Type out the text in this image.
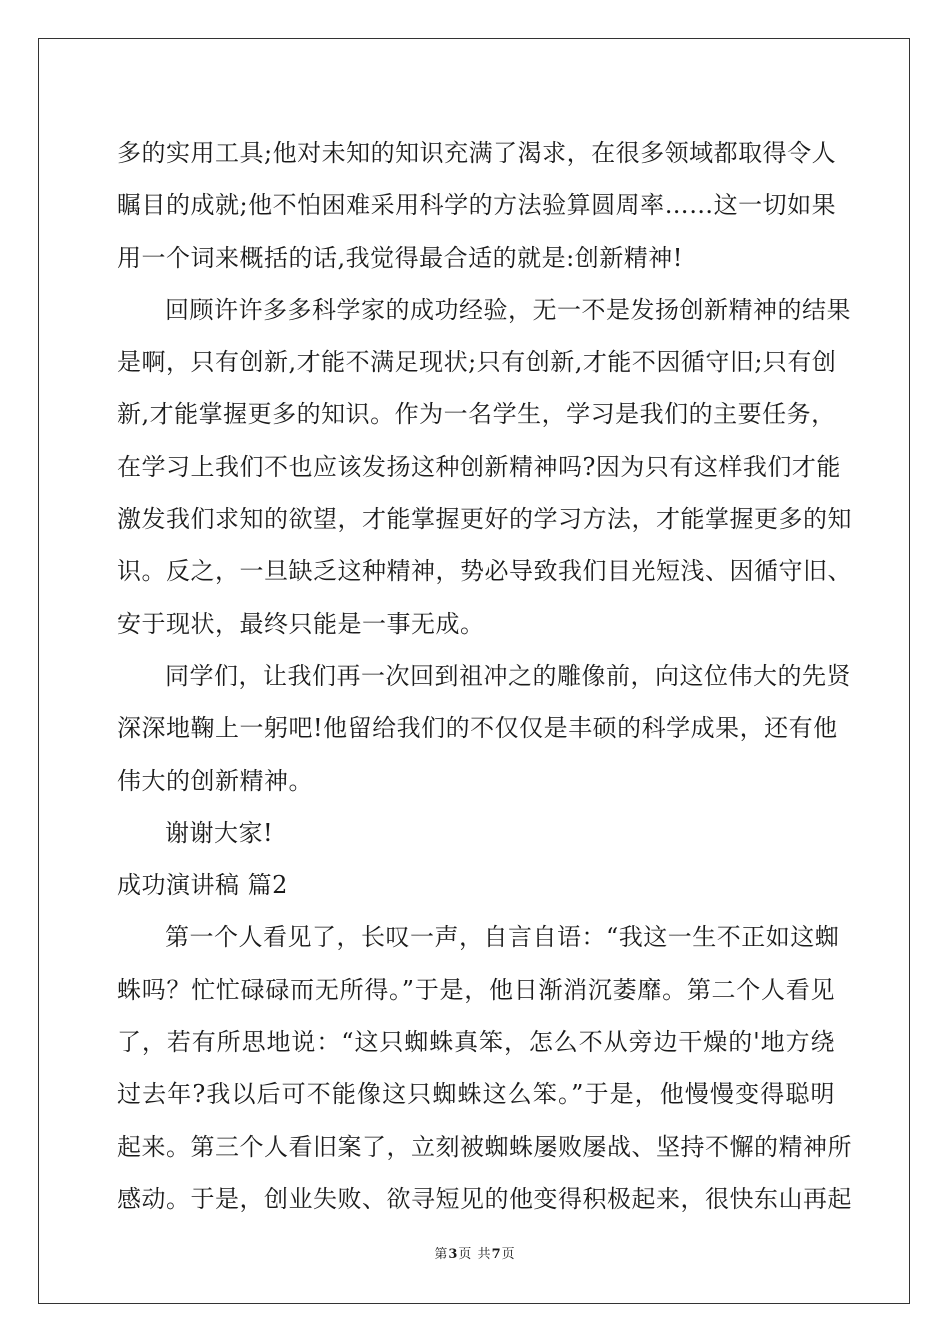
多的实用工具;他对未知的知识充满了渴求，在很多领域都取得令人
瞩目的成就;他不怕困难采用科学的方法验算圆周率……这一切如果
用一个词来概括的话,我觉得最合适的就是:创新精神!
回顾许许多多科学家的成功经验，无一不是发扬创新精神的结果
是啊，只有创新,才能不满足现状;只有创新,才能不因循守旧;只有创
新,才能掌握更多的知识。作为一名学生，学习是我们的主要任务，
在学习上我们不也应该发扬这种创新精神吗?因为只有这样我们才能
激发我们求知的欲望，才能掌握更好的学习方法，才能掌握更多的知
识。反之，一旦缺乏这种精神，势必导致我们目光短浅、因循守旧、
安于现状，最终只能是一事无成。
同学们，让我们再一次回到祖冲之的雕像前，向这位伟大的先贤
深深地鞠上一躬吧!他留给我们的不仅仅是丰硕的科学成果，还有他
伟大的创新精神。
谢谢大家!
成功演讲稿 篇2
第一个人看见了，长叹一声，自言自语：“我这一生不正如这蜘
蛛吗？忙忙碌碌而无所得。”于是，他日渐消沉萎靡。第二个人看见
了，若有所思地说：“这只蜘蛛真笨，怎么不从旁边干燥的'地方绕
过去年?我以后可不能像这只蜘蛛这么笨。”于是，他慢慢变得聪明
起来。第三个人看旧案了，立刻被蜘蛛屡败屡战、坚持不懈的精神所
感动。于是，创业失败、欲寻短见的他变得积极起来，很快东山再起
第3页 共7页
